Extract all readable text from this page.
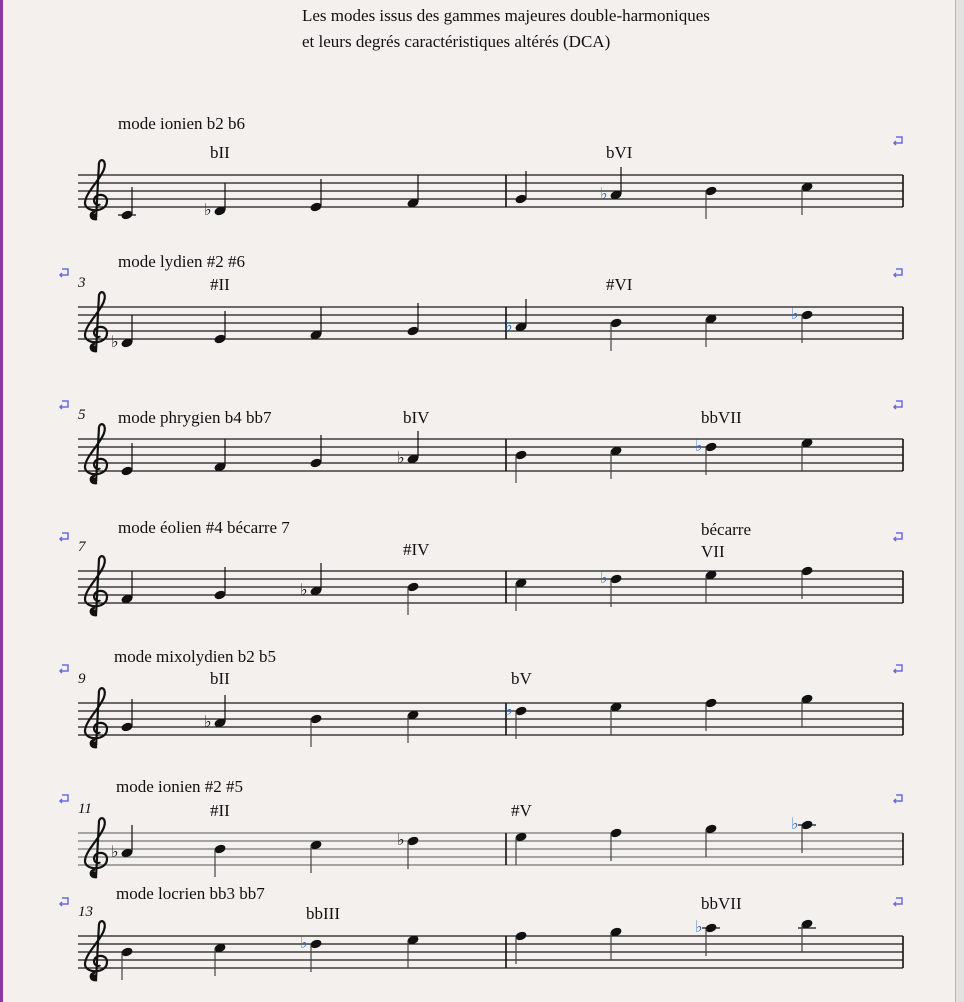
Les modes issus des gammes majeures double-harmoniques
et leurs degrés caractéristiques altérés (DCA)
mode ionien b2 b6
♭
♭
bII	bVI
mode lydien #2 #6
3
♭
♭
♭
#II	#VI
mode phrygien b4 bb7
5
♭
♭
bIV	bbVII
mode éolien #4 bécarre 7
7
♭
♭
#IV
bécarre
VII
mode mixolydien b2 b5
9
♭
♭
bII	bV
mode ionien #2 #5
11
♭
♭
♭
#II	#V
mode locrien bb3 bb7
13
♭
♭
bbIII
bbVII
